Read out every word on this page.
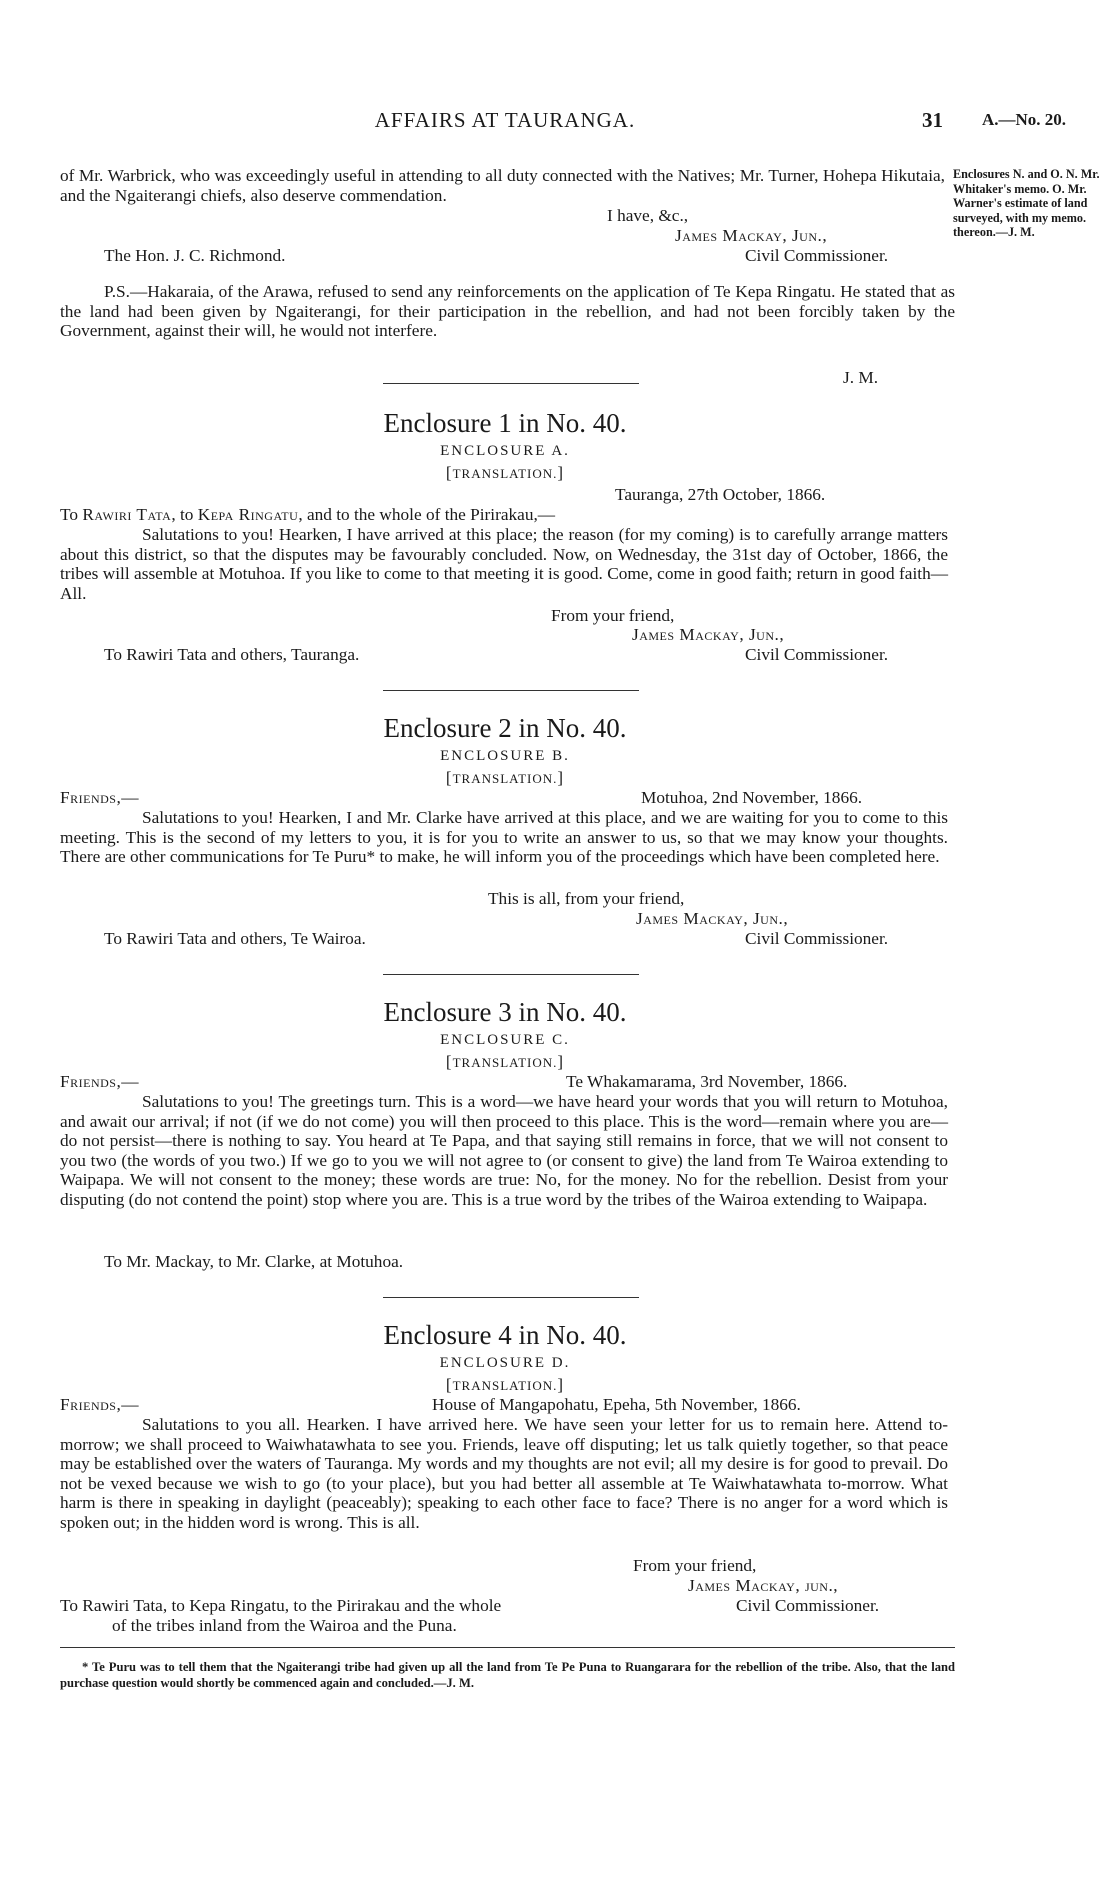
AFFAIRS AT TAURANGA.	31 A.—No. 20.
Enclosures N. and O. N. Mr. Whitaker's memo. O. Mr. Warner's estimate of land surveyed, with my memo. thereon.—J. M.
of Mr. Warbrick, who was exceedingly useful in attending to all duty connected with the Natives; Mr. Turner, Hohepa Hikutaia, and the Ngaiterangi chiefs, also deserve commendation.
I have, &c.,
James Mackay, Jun.,
The Hon. J. C. Richmond.	Civil Commissioner.
P.S.—Hakaraia, of the Arawa, refused to send any reinforcements on the application of Te Kepa Ringatu. He stated that as the land had been given by Ngaiterangi, for their participation in the rebellion, and had not been forcibly taken by the Government, against their will, he would not interfere.
J. M.
Enclosure 1 in No. 40.
ENCLOSURE A.
[TRANSLATION.]
Tauranga, 27th October, 1866.
To Rawiri Tata, to Kepa Ringatu, and to the whole of the Pirirakau,—
Salutations to you! Hearken, I have arrived at this place; the reason (for my coming) is to carefully arrange matters about this district, so that the disputes may be favourably concluded. Now, on Wednesday, the 31st day of October, 1866, the tribes will assemble at Motuhoa. If you like to come to that meeting it is good. Come, come in good faith; return in good faith—All.
From your friend,
James Mackay, Jun.,
To Rawiri Tata and others, Tauranga.	Civil Commissioner.
Enclosure 2 in No. 40.
ENCLOSURE B.
[TRANSLATION.]
Friends,—	Motuhoa, 2nd November, 1866.
Salutations to you! Hearken, I and Mr. Clarke have arrived at this place, and we are waiting for you to come to this meeting. This is the second of my letters to you, it is for you to write an answer to us, so that we may know your thoughts. There are other communications for Te Puru* to make, he will inform you of the proceedings which have been completed here.
This is all, from your friend,
James Mackay, Jun.,
To Rawiri Tata and others, Te Wairoa.	Civil Commissioner.
Enclosure 3 in No. 40.
ENCLOSURE C.
[TRANSLATION.]
Friends,—	Te Whakamarama, 3rd November, 1866.
Salutations to you! The greetings turn. This is a word—we have heard your words that you will return to Motuhoa, and await our arrival; if not (if we do not come) you will then proceed to this place. This is the word—remain where you are—do not persist—there is nothing to say. You heard at Te Papa, and that saying still remains in force, that we will not consent to you two (the words of you two.) If we go to you we will not agree to (or consent to give) the land from Te Wairoa extending to Waipapa. We will not consent to the money; these words are true: No, for the money. No for the rebellion. Desist from your disputing (do not contend the point) stop where you are. This is a true word by the tribes of the Wairoa extending to Waipapa.
To Mr. Mackay, to Mr. Clarke, at Motuhoa.
Enclosure 4 in No. 40.
ENCLOSURE D.
[TRANSLATION.]
Friends,—	House of Mangapohatu, Epeha, 5th November, 1866.
Salutations to you all. Hearken. I have arrived here. We have seen your letter for us to remain here. Attend to-morrow; we shall proceed to Waiwhatawhata to see you. Friends, leave off disputing; let us talk quietly together, so that peace may be established over the waters of Tauranga. My words and my thoughts are not evil; all my desire is for good to prevail. Do not be vexed because we wish to go (to your place), but you had better all assemble at Te Waiwhatawhata to-morrow. What harm is there in speaking in daylight (peaceably); speaking to each other face to face? There is no anger for a word which is spoken out; in the hidden word is wrong. This is all.
From your friend,
James Mackay, jun.,
To Rawiri Tata, to Kepa Ringatu, to the Pirirakau and the whole	Civil Commissioner.
of the tribes inland from the Wairoa and the Puna.
* Te Puru was to tell them that the Ngaiterangi tribe had given up all the land from Te Pe Puna to Ruangarara for the rebellion of the tribe. Also, that the land purchase question would shortly be commenced again and concluded.—J. M.
